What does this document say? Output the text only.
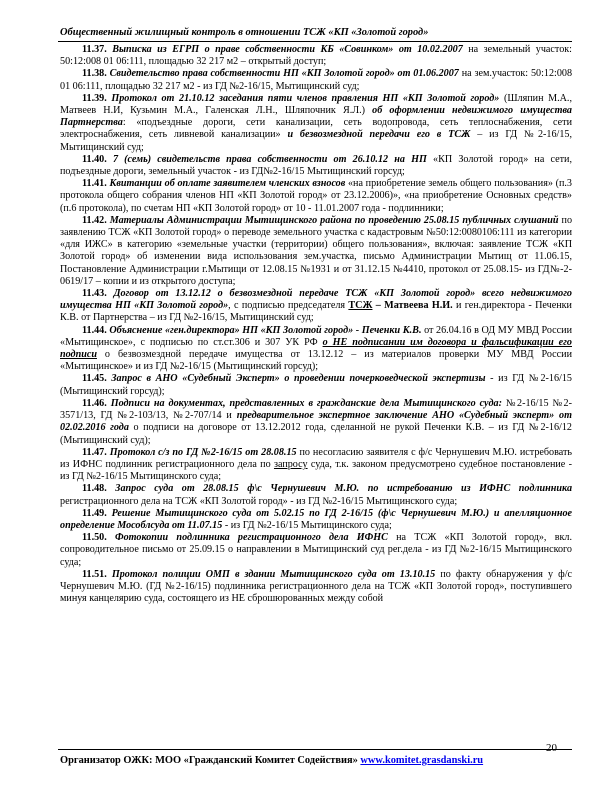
Общественный жилищный контроль в отношении ТСЖ «КП «Золотой город»

11.37. Выписка из ЕГРП о праве собственности КБ «Совинком» от 10.02.2007 на земельный участок: 50:12:008 01 06:111, площадью 32 217 м2 – открытый доступ;

11.38. Свидетельство права собственности НП «КП Золотой город» от 01.06.2007 на зем.участок: 50:12:008 01 06:111, площадью 32 217 м2 - из ГД №2-16/15, Мытищинский суд;

11.39. Протокол от 21.10.12 заседания пяти членов правления НП «КП Золотой город» (Шляпин М.А., Матвеев Н.И, Кузьмин М.А., Галенская Л.Н., Шляпочник Я.Л.) об оформлении недвижимого имущества Партнерства: «подъездные дороги, сети канализации, сеть водопровода, сеть теплоснабжения, сети электроснабжения, сеть ливневой канализации» и безвозмездной передачи его в ТСЖ – из ГД №2-16/15, Мытищинский суд;

11.40. 7 (семь) свидетельств права собственности от 26.10.12 на НП «КП Золотой город» на сети, подъездные дороги, земельный участок - из ГД№2-16/15 Мытищинский горсуд;

11.41. Квитанции об оплате заявителем членских взносов «на приобретение земель общего пользования» (п.3 протокола общего собрания членов НП «КП Золотой город» от 23.12.2006)», «на приобретение Основных средств» (п.6 протокола), по счетам НП «КП Золотой город» от 10 - 11.01.2007 года - подлинники;

11.42. Материалы Администрации Мытищинского района по проведению 25.08.15 публичных слушаний по заявлению ТСЖ «КП Золотой город» о переводе земельного участка с кадастровым №50:12:0080106:111 из категории «для ИЖС» в категорию «земельные участки (территории) общего пользования», включая: заявление ТСЖ «КП Золотой город» об изменении вида использования зем.участка, письмо Администрации Мытищ от 11.06.15, Постановление Администрации г.Мытищи от 12.08.15 №1931 и от 31.12.15 №4410, протокол от 25.08.15- из ГД№-2-0619/17 – копии и из открытого доступа;

11.43. Договор от 13.12.12 о безвозмездной передаче ТСЖ «КП Золотой город» всего недвижимого имущества НП «КП Золотой город», с подписью председателя ТСЖ – Матвеева Н.И. и ген.директора - Печенки К.В. от Партнерства – из ГД №2-16/15, Мытищинский суд;

11.44. Объяснение «ген.директора» НП «КП Золотой город» - Печенки К.В. от 26.04.16 в ОД МУ МВД России «Мытищинское», с подписью по ст.ст.306 и 307 УК РФ о НЕ подписании им договора и фальсификации его подписи о безвозмездной передаче имущества от 13.12.12 – из материалов проверки МУ МВД России «Мытищинское» и из ГД №2-16/15 (Мытищинский горсуд);

11.45. Запрос в АНО «Судебный Эксперт» о проведении почерковедческой экспертизы - из ГД №2-16/15 (Мытищинский горсуд);

11.46. Подписи на документах, представленных в гражданские дела Мытищинского суда: №2-16/15 №2-3571/13, ГД №2-103/13, №2-707/14 и предварительное экспертное заключение АНО «Судебный эксперт» от 02.02.2016 года о подписи на договоре от 13.12.2012 года, сделанной не рукой Печенки К.В. – из ГД №2-16/12 (Мытищинский суд);

11.47. Протокол с/з по ГД №2-16/15 от 28.08.15 по несогласию заявителя с ф/с Чернушевич М.Ю. истребовать из ИФНС подлинник регистрационного дела по запросу суда, т.к. законом предусмотрено судебное постановление - из ГД №2-16/15 Мытищинского суда;

11.48. Запрос суда от 28.08.15 ф\с Чернушевич М.Ю. по истребованию из ИФНС подлинника регистрационного дела на ТСЖ «КП Золотой город» - из ГД №2-16/15 Мытищинского суда;

11.49. Решение Мытищинского суда от 5.02.15 по ГД 2-16/15 (ф\с Чернушевич М.Ю.) и апелляционное определение Мособлсуда от 11.07.15 - из ГД №2-16/15 Мытищинского суда;

11.50. Фотокопии подлинника регистрационного дела ИФНС на ТСЖ «КП Золотой город», вкл. сопроводительное письмо от 25.09.15 о направлении в Мытищинский суд рег.дела - из ГД №2-16/15 Мытищинского суда;

11.51. Протокол полиции ОМП в здании Мытищинского суда от 13.10.15 по факту обнаружения у ф/с Чернушевич М.Ю. (ГД №2-16/15) подлинника регистрационного дела на ТСЖ «КП Золотой город», поступившего минуя канцелярию суда, состоящего из НЕ сброшюрованных между собой

Организатор ОЖК: МОО «Гражданский Комитет Содействия» www.komitet.grasdanski.ru
20
